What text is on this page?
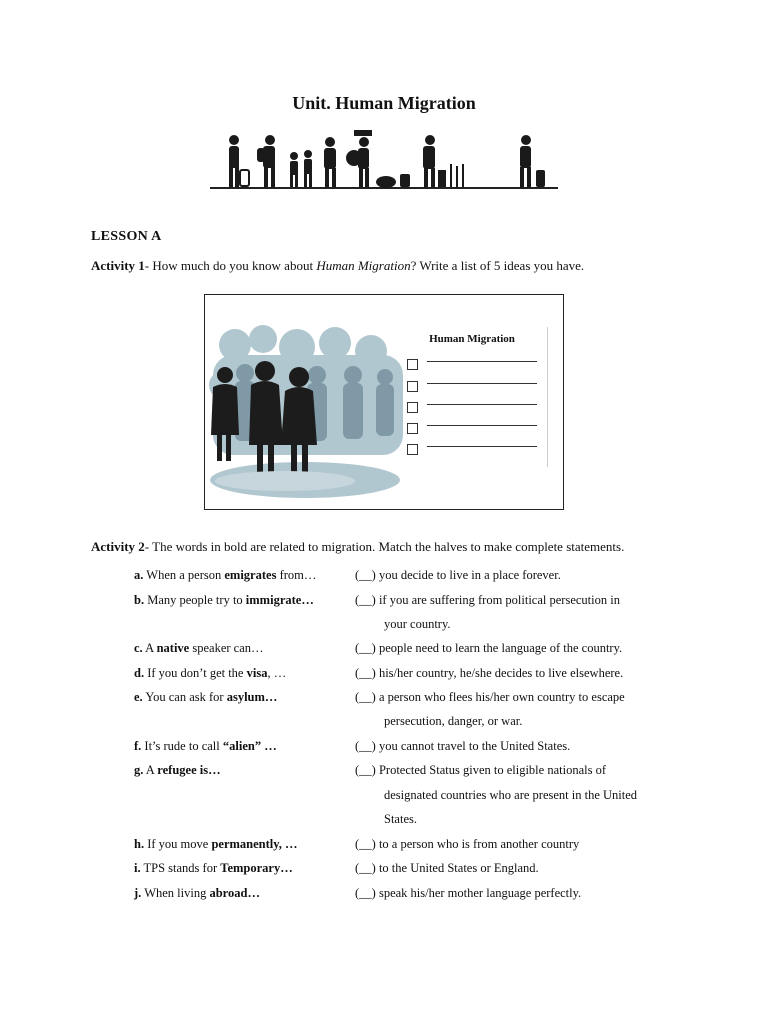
Unit. Human Migration
LESSON A
Activity 1- How much do you know about Human Migration? Write a list of 5 ideas you have.
Human Migration
Activity 2- The words in bold are related to migration. Match the halves to make complete statements.
a. When a person emigrates from…
b. Many people try to immigrate…
c. A native speaker can…
d. If you don’t get the visa, …
e. You can ask for asylum…
f. It’s rude to call “alien” …
g. A refugee is…
h. If you move permanently, …
i. TPS stands for Temporary…
j. When living abroad…
(__) you decide to live in a place forever.
(__) if you are suffering from political persecution in
your country.
(__) people need to learn the language of the country.
(__) his/her country, he/she decides to live elsewhere.
(__) a person who flees his/her own country to escape
persecution, danger, or war.
(__) you cannot travel to the United States.
(__) Protected Status given to eligible nationals of
designated countries who are present in the United
States.
(__) to a person who is from another country
(__) to the United States or England.
(__) speak his/her mother language perfectly.
